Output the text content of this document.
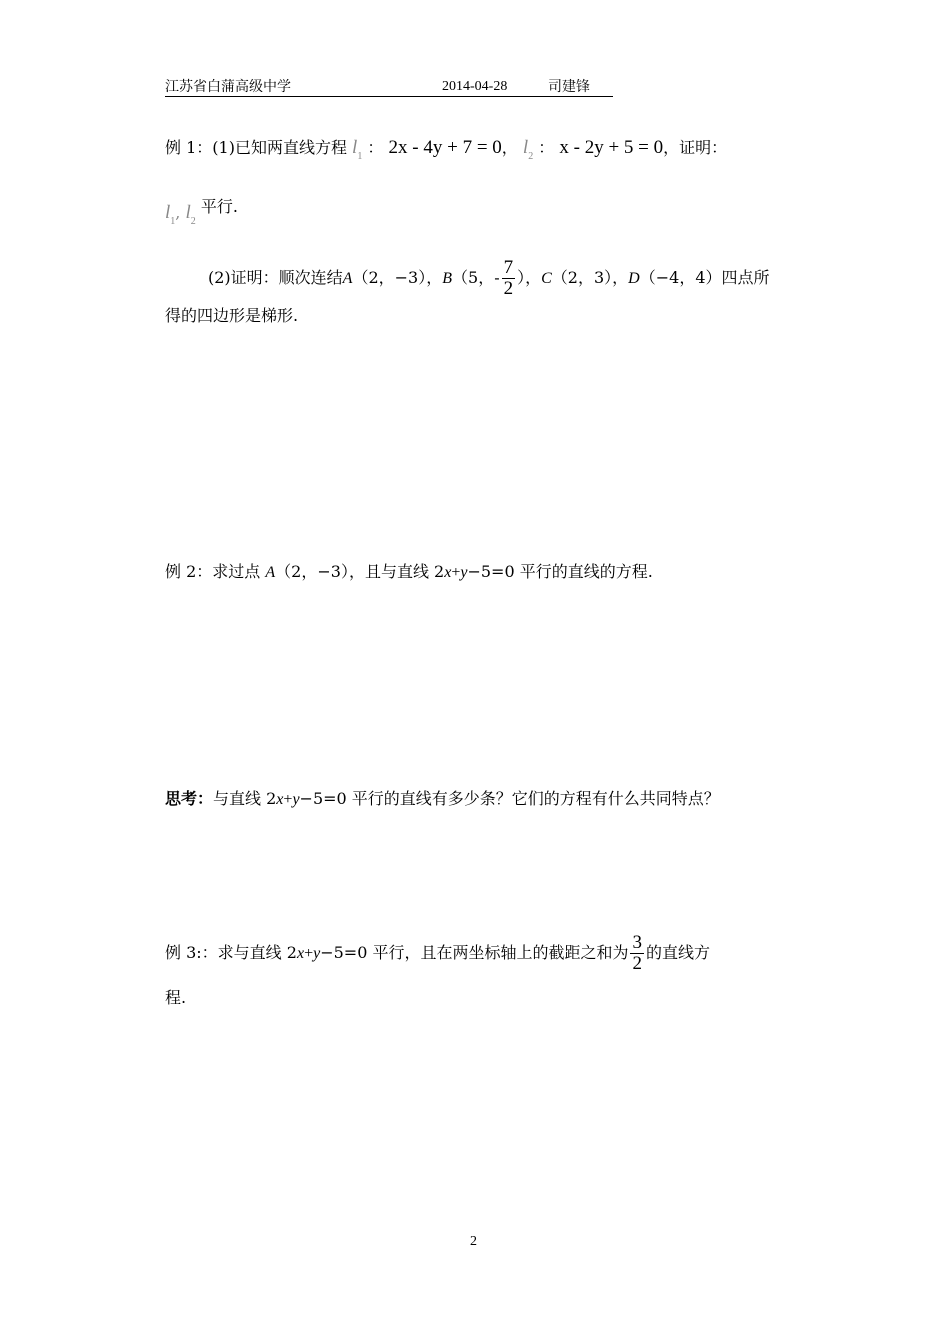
江苏省白蒲高级中学	2014-04-28	司建锋
例 1：(1)已知两直线方程 $l_1$ ： 2x - 4y + 7 = 0， $l_2$ ： x - 2y + 5 = 0，证明：
$l_1$, $l_2$ 平行.
(2)证明：顺次连结A（2，−3），B（5，- $\frac{7}{2}$ ），C（2，3），D（−4，4）四点所
得的四边形是梯形.
例 2：求过点 A（2，−3），且与直线 2x+y−5=0 平行的直线的方程.
思考：与直线 2x+y−5=0 平行的直线有多少条？它们的方程有什么共同特点？
例 3:：求与直线 2x+y−5=0 平行，且在两坐标轴上的截距之和为 $\frac{3}{2}$ 的直线方
程.
2
